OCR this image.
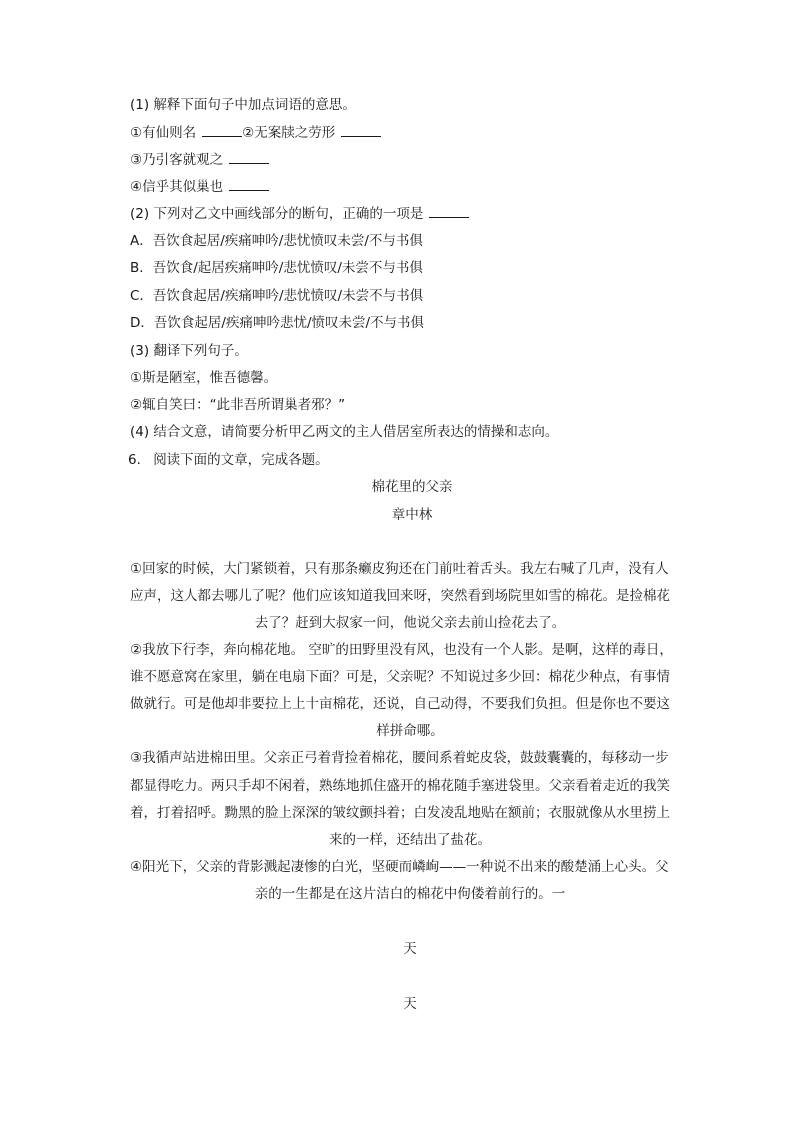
(1) 解释下面句子中加点词语的意思。
①有仙则名	②无案牍之劳形
③乃引客就观之
④信乎其似巢也
(2) 下列对乙文中画线部分的断句，正确的一项是
A．吾饮食起居/疾痛呻吟/悲忧愤叹未尝/不与书俱
B．吾饮食/起居疾痛呻吟/悲忧愤叹/未尝不与书俱
C．吾饮食起居/疾痛呻吟/悲忧愤叹/未尝不与书俱
D．吾饮食起居/疾痛呻吟悲忧/愤叹未尝/不与书俱
(3) 翻译下列句子。
①斯是陋室，惟吾德馨。
②辄自笑曰：“此非吾所谓巢者邪？”
(4) 结合文意，请简要分析甲乙两文的主人借居室所表达的情操和志向。
6. 阅读下面的文章，完成各题。
棉花里的父亲
章中林
①回家的时候，大门紧锁着，只有那条癞皮狗还在门前吐着舌头。我左右喊了几声，没有人
应声，这人都去哪儿了呢？他们应该知道我回来呀，突然看到场院里如雪的棉花。是捡棉花
去了？赶到大叔家一问，他说父亲去前山捡花去了。
②我放下行李，奔向棉花地。 空旷的田野里没有风，也没有一个人影。是啊，这样的毒日，
谁不愿意窝在家里，躺在电扇下面？可是，父亲呢？不知说过多少回：棉花少种点，有事情
做就行。可是他却非要拉上上十亩棉花，还说，自己动得，不要我们负担。但是你也不要这
样拼命哪。
③我循声站进棉田里。父亲正弓着背捡着棉花，腰间系着蛇皮袋，鼓鼓囊囊的，每移动一步
都显得吃力。两只手却不闲着，熟练地抓住盛开的棉花随手塞进袋里。父亲看着走近的我笑
着，打着招呼。黝黑的脸上深深的皱纹颤抖着；白发凌乱地贴在额前；衣服就像从水里捞上
来的一样，还结出了盐花。
④阳光下，父亲的背影溅起凄惨的白光，坚硬而嶙峋——一种说不出来的酸楚涌上心头。父
亲的一生都是在这片洁白的棉花中佝偻着前行的。一
天
天
